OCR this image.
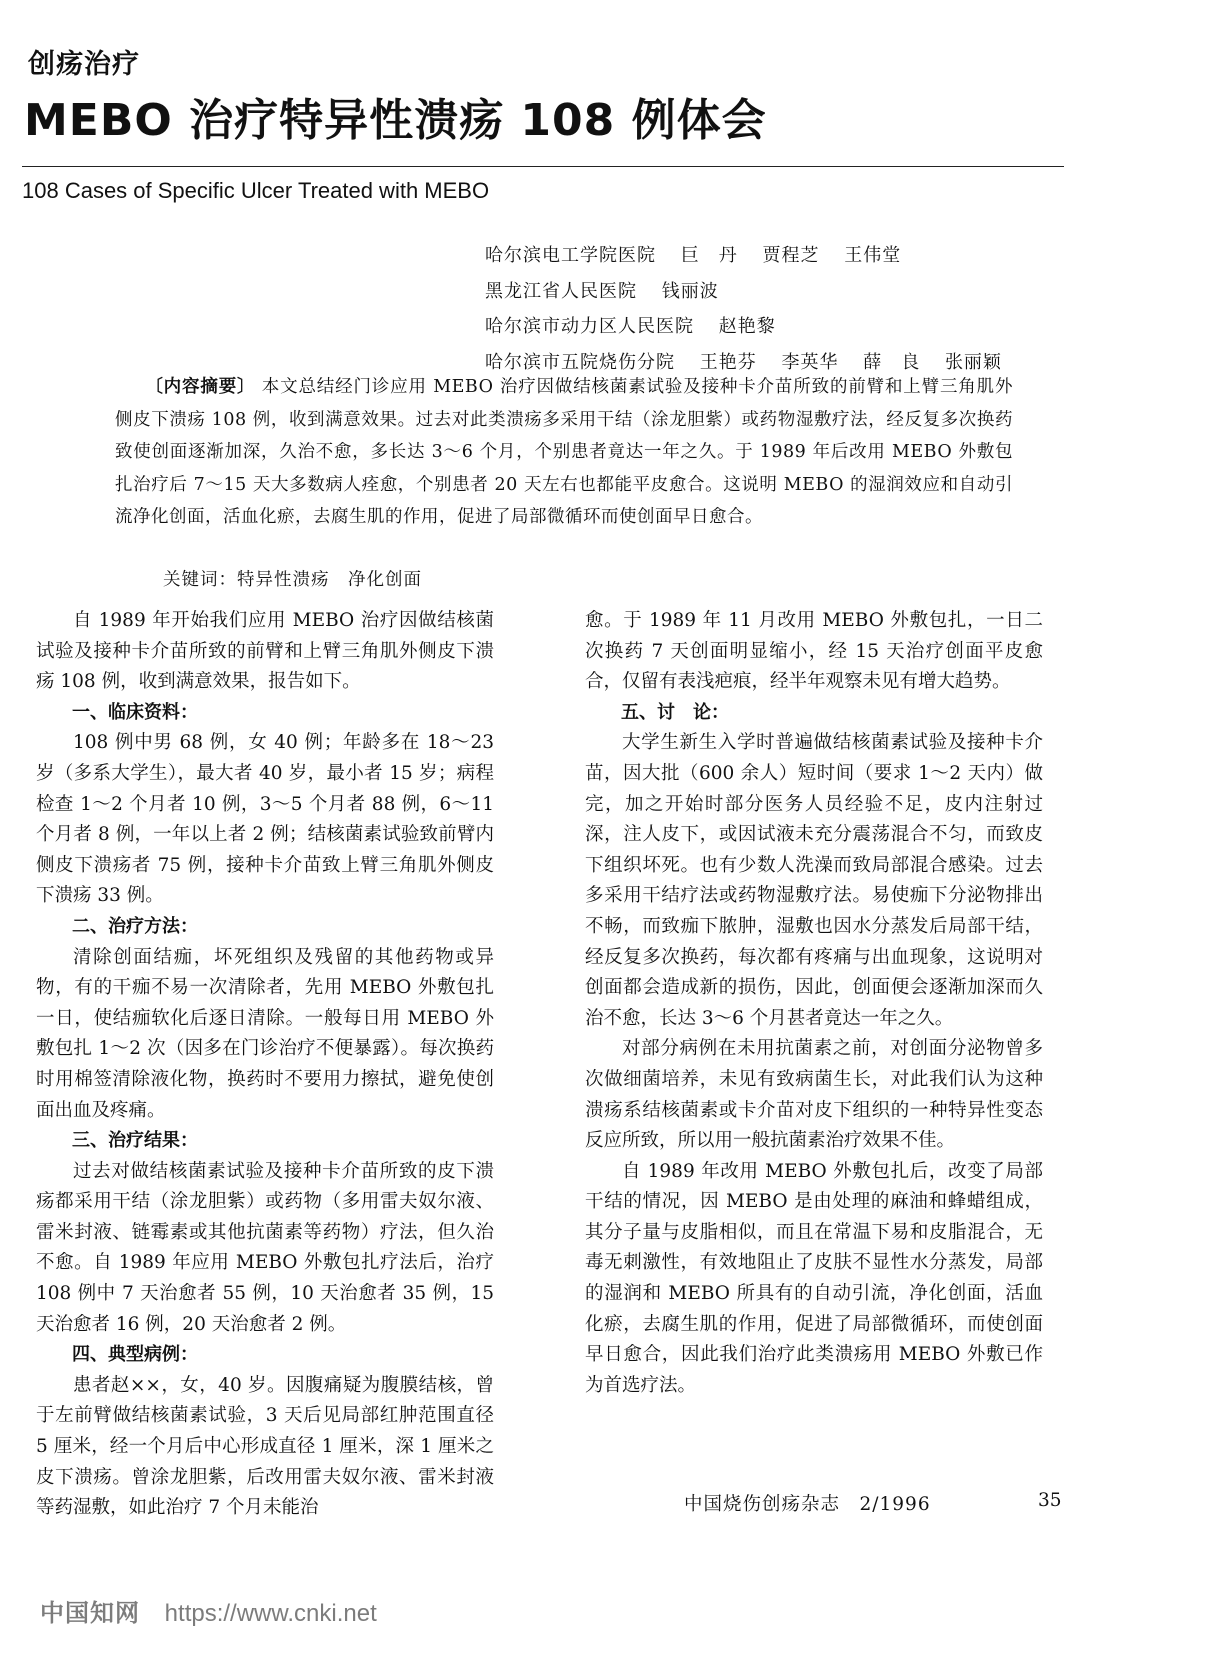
创疡治疗
MEBO 治疗特异性溃疡 108 例体会
108 Cases of Specific Ulcer Treated with MEBO
哈尔滨电工学院医院 巨　丹 贾程芝 王伟堂
黑龙江省人民医院 钱丽波
哈尔滨市动力区人民医院 赵艳黎
哈尔滨市五院烧伤分院 王艳芬 李英华 薛　良 张丽颖
〔内容摘要〕 本文总结经门诊应用 MEBO 治疗因做结核菌素试验及接种卡介苗所致的前臂和上臂三角肌外侧皮下溃疡 108 例，收到满意效果。过去对此类溃疡多采用干结（涂龙胆紫）或药物湿敷疗法，经反复多次换药致使创面逐渐加深，久治不愈，多长达 3～6 个月，个别患者竟达一年之久。于 1989 年后改用 MEBO 外敷包扎治疗后 7～15 天大多数病人痊愈，个别患者 20 天左右也都能平皮愈合。这说明 MEBO 的湿润效应和自动引流净化创面，活血化瘀，去腐生肌的作用，促进了局部微循环而使创面早日愈合。
关键词：特异性溃疡　净化创面

自 1989 年开始我们应用 MEBO 治疗因做结核菌试验及接种卡介苗所致的前臂和上臂三角肌外侧皮下溃疡 108 例，收到满意效果，报告如下。

一、临床资料：

108 例中男 68 例，女 40 例；年龄多在 18～23 岁（多系大学生），最大者 40 岁，最小者 15 岁；病程检查 1～2 个月者 10 例，3～5 个月者 88 例，6～11 个月者 8 例，一年以上者 2 例；结核菌素试验致前臂内侧皮下溃疡者 75 例，接种卡介苗致上臂三角肌外侧皮下溃疡 33 例。

二、治疗方法：

清除创面结痂，坏死组织及残留的其他药物或异物，有的干痂不易一次清除者，先用 MEBO 外敷包扎一日，使结痂软化后逐日清除。一般每日用 MEBO 外敷包扎 1～2 次（因多在门诊治疗不便暴露）。每次换药时用棉签清除液化物，换药时不要用力擦拭，避免使创面出血及疼痛。

三、治疗结果：

过去对做结核菌素试验及接种卡介苗所致的皮下溃疡都采用干结（涂龙胆紫）或药物（多用雷夫奴尔液、雷米封液、链霉素或其他抗菌素等药物）疗法，但久治不愈。自 1989 年应用 MEBO 外敷包扎疗法后，治疗 108 例中 7 天治愈者 55 例，10 天治愈者 35 例，15 天治愈者 16 例，20 天治愈者 2 例。

四、典型病例：

患者赵××，女，40 岁。因腹痛疑为腹膜结核，曾于左前臂做结核菌素试验，3 天后见局部红肿范围直径 5 厘米，经一个月后中心形成直径 1 厘米，深 1 厘米之皮下溃疡。曾涂龙胆紫，后改用雷夫奴尔液、雷米封液等药湿敷，如此治疗 7 个月未能治

愈。于 1989 年 11 月改用 MEBO 外敷包扎，一日二次换药 7 天创面明显缩小，经 15 天治疗创面平皮愈合，仅留有表浅疤痕，经半年观察未见有增大趋势。

五、讨　论：

大学生新生入学时普遍做结核菌素试验及接种卡介苗，因大批（600 余人）短时间（要求 1～2 天内）做完，加之开始时部分医务人员经验不足，皮内注射过深，注人皮下，或因试液未充分震荡混合不匀，而致皮下组织坏死。也有少数人洗澡而致局部混合感染。过去多采用干结疗法或药物湿敷疗法。易使痂下分泌物排出不畅，而致痂下脓肿，湿敷也因水分蒸发后局部干结，经反复多次换药，每次都有疼痛与出血现象，这说明对创面都会造成新的损伤，因此，创面便会逐渐加深而久治不愈，长达 3～6 个月甚者竟达一年之久。

对部分病例在未用抗菌素之前，对创面分泌物曾多次做细菌培养，未见有致病菌生长，对此我们认为这种溃疡系结核菌素或卡介苗对皮下组织的一种特异性变态反应所致，所以用一般抗菌素治疗效果不佳。

自 1989 年改用 MEBO 外敷包扎后，改变了局部干结的情况，因 MEBO 是由处理的麻油和蜂蜡组成，其分子量与皮脂相似，而且在常温下易和皮脂混合，无毒无刺激性，有效地阻止了皮肤不显性水分蒸发，局部的湿润和 MEBO 所具有的自动引流，净化创面，活血化瘀，去腐生肌的作用，促进了局部微循环，而使创面早日愈合，因此我们治疗此类溃疡用 MEBO 外敷已作为首选疗法。

中国烧伤创疡杂志　2/1996	35
中国知网 https://www.cnki.net
